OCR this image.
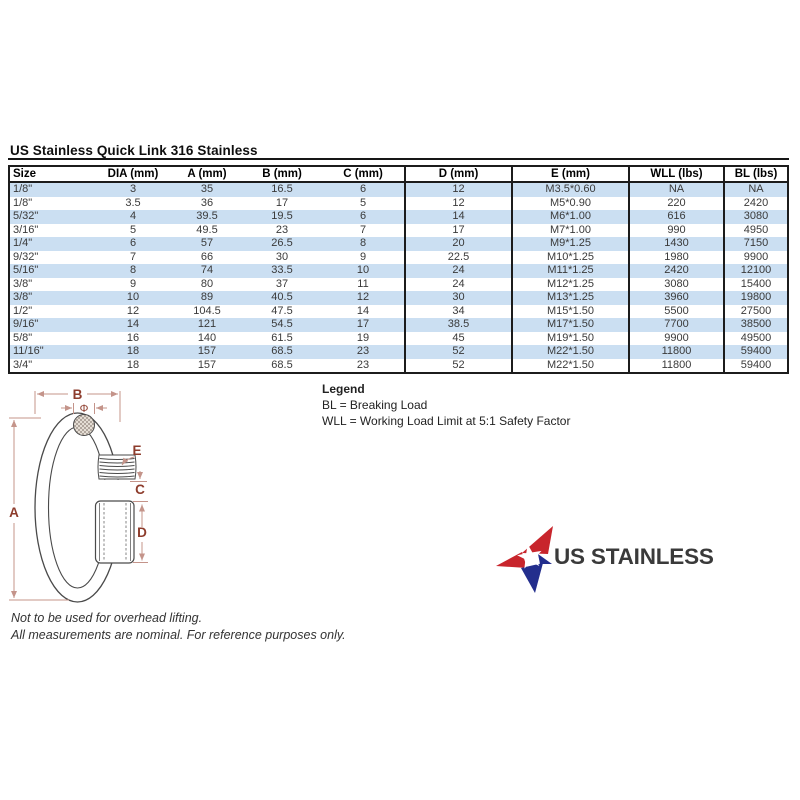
US Stainless Quick Link 316 Stainless
Size	DIA (mm)	A (mm)	B (mm)	C (mm)	D (mm)	E (mm)	WLL (lbs)	BL (lbs)
1/8"	3	35	16.5	6	12	M3.5*0.60	NA	NA
1/8"	3.5	36	17	5	12	M5*0.90	220	2420
5/32"	4	39.5	19.5	6	14	M6*1.00	616	3080
3/16"	5	49.5	23	7	17	M7*1.00	990	4950
1/4"	6	57	26.5	8	20	M9*1.25	1430	7150
9/32"	7	66	30	9	22.5	M10*1.25	1980	9900
5/16"	8	74	33.5	10	24	M11*1.25	2420	12100
3/8"	9	80	37	11	24	M12*1.25	3080	15400
3/8"	10	89	40.5	12	30	M13*1.25	3960	19800
1/2"	12	104.5	47.5	14	34	M15*1.50	5500	27500
9/16"	14	121	54.5	17	38.5	M17*1.50	7700	38500
5/8"	16	140	61.5	19	45	M19*1.50	9900	49500
11/16"	18	157	68.5	23	52	M22*1.50	11800	59400
3/4"	18	157	68.5	23	52	M22*1.50	11800	59400
Legend
BL = Breaking Load
WLL = Working Load Limit at 5:1 Safety Factor
B
Φ
E
C
D
A
US STAINLESS
Not to be used for overhead lifting.
All measurements are nominal. For reference purposes only.
